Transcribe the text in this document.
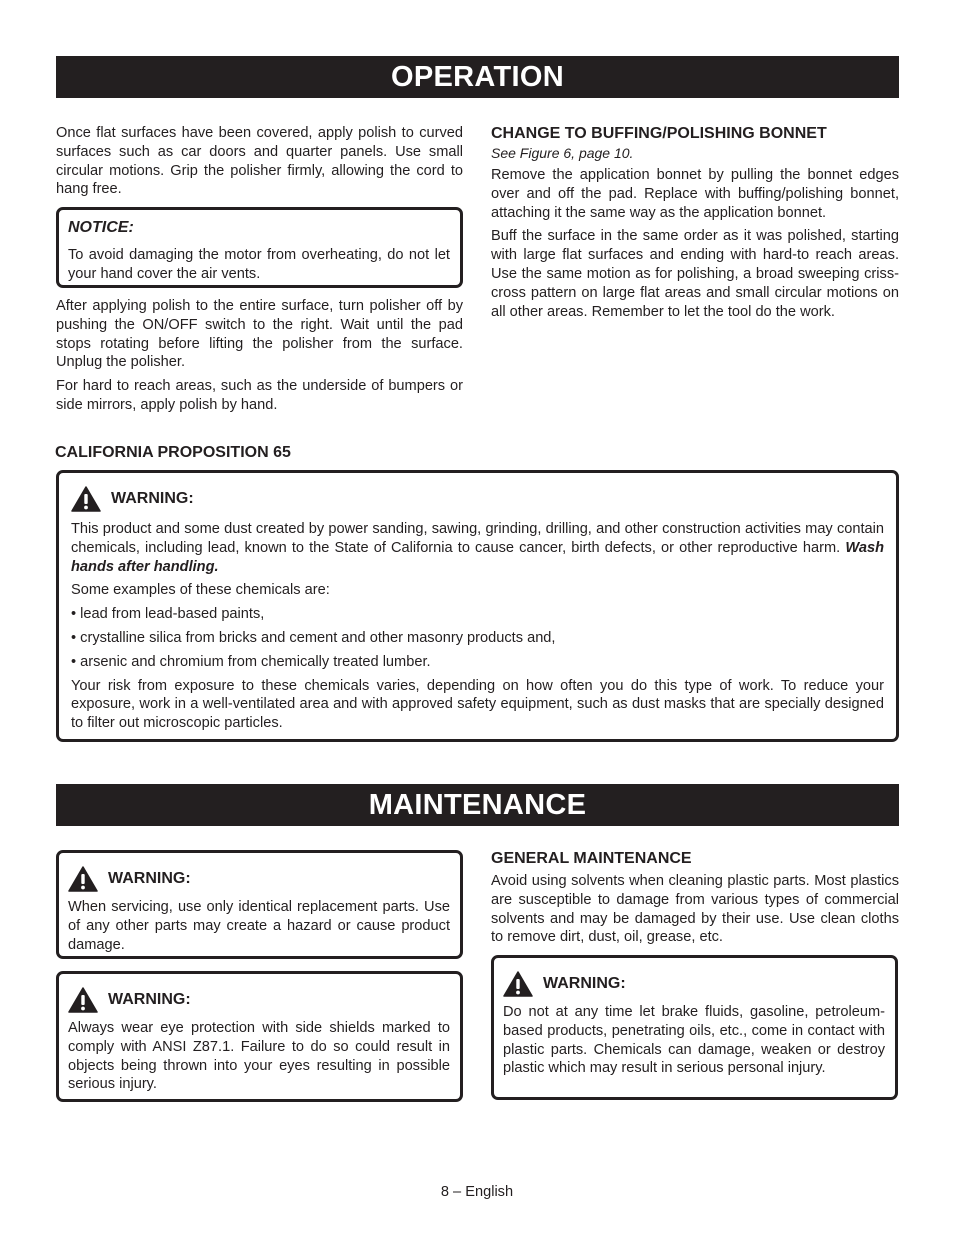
OPERATION

Once flat surfaces have been covered, apply polish to curved surfaces such as car doors and quarter panels. Use small circular motions. Grip the polisher firmly, allowing the cord to hang free.

NOTICE:

To avoid damaging the motor from overheating, do not let your hand cover the air vents.

After applying polish to the entire surface, turn polisher off by pushing the ON/OFF switch to the right. Wait until the pad stops rotating before lifting the polisher from the surface. Unplug the polisher.

For hard to reach areas, such as the underside of bumpers or side mirrors, apply polish by hand.

CHANGE TO BUFFING/POLISHING BONNET
See Figure 6, page 10.

Remove the application bonnet by pulling the bonnet edges over and off the pad. Replace with buffing/polishing bonnet, attaching it the same way as the application bonnet.

Buff the surface in the same order as it was polished, starting with large flat surfaces and ending with hard-to reach areas. Use the same motion as for polishing, a broad sweeping criss-cross pattern on large flat areas and small circular motions on all other areas. Remember to let the tool do the work.

CALIFORNIA PROPOSITION 65
WARNING:

This product and some dust created by power sanding, sawing, grinding, drilling, and other construction activities may contain chemicals, including lead, known to the State of California to cause cancer, birth defects, or other reproductive harm. Wash hands after handling.

Some examples of these chemicals are:

• lead from lead-based paints,
• crystalline silica from bricks and cement and other masonry products and,
• arsenic and chromium from chemically treated lumber.

Your risk from exposure to these chemicals varies, depending on how often you do this type of work. To reduce your exposure, work in a well-ventilated area and with approved safety equipment, such as dust masks that are specially designed to filter out microscopic particles.

MAINTENANCE
WARNING:

When servicing, use only identical replacement parts. Use of any other parts may create a hazard or cause product damage.

WARNING:

Always wear eye protection with side shields marked to comply with ANSI Z87.1. Failure to do so could result in objects being thrown into your eyes resulting in possible serious injury.

GENERAL MAINTENANCE

Avoid using solvents when cleaning plastic parts. Most plastics are susceptible to damage from various types of commercial solvents and may be damaged by their use. Use clean cloths to remove dirt, dust, oil, grease, etc.

WARNING:

Do not at any time let brake fluids, gasoline, petroleum-based products, penetrating oils, etc., come in contact with plastic parts. Chemicals can damage, weaken or destroy plastic which may result in serious personal injury.

8 – English
